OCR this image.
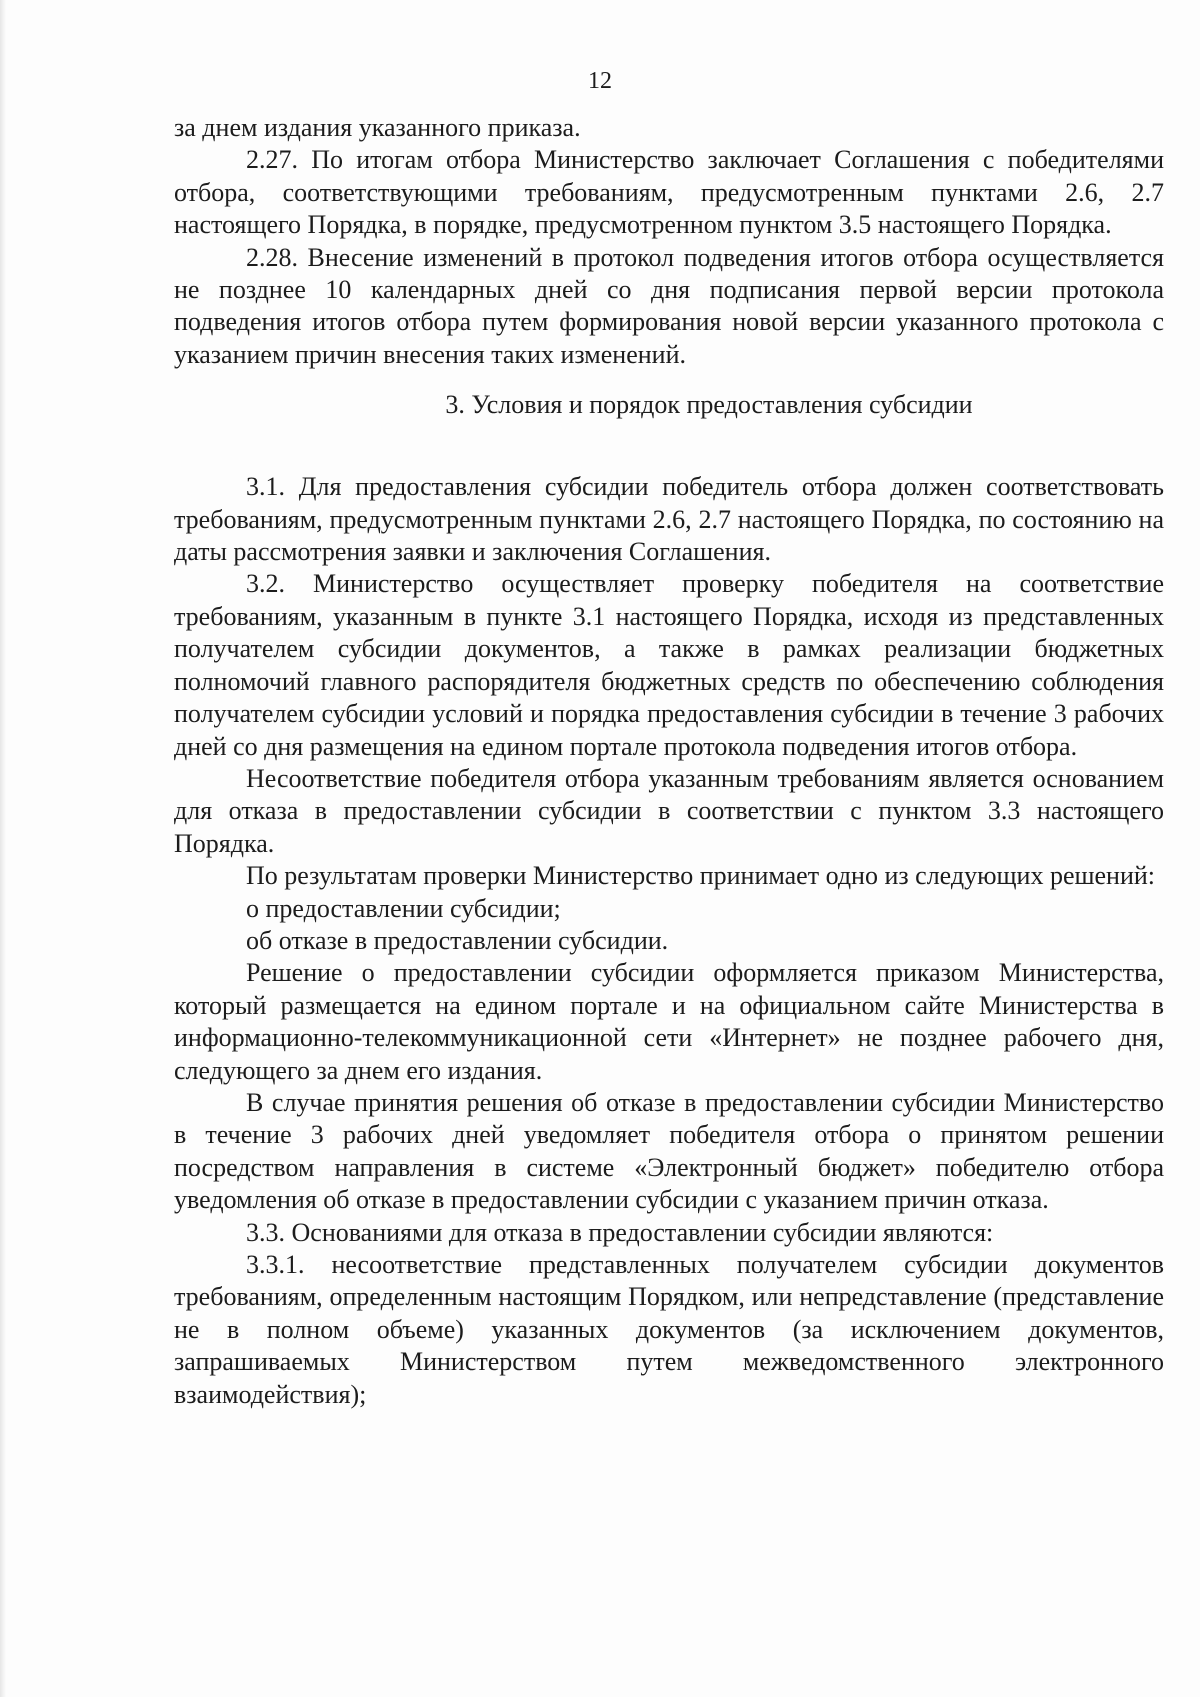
12

за днем издания указанного приказа.

2.27. По итогам отбора Министерство заключает Соглашения с победителями отбора, соответствующими требованиям, предусмотренным пунктами 2.6, 2.7 настоящего Порядка, в порядке, предусмотренном пунктом 3.5 настоящего Порядка.

2.28. Внесение изменений в протокол подведения итогов отбора осуществляется не позднее 10 календарных дней со дня подписания первой версии протокола подведения итогов отбора путем формирования новой версии указанного протокола с указанием причин внесения таких изменений.

3. Условия и порядок предоставления субсидии

3.1. Для предоставления субсидии победитель отбора должен соответствовать требованиям, предусмотренным пунктами 2.6, 2.7 настоящего Порядка, по состоянию на даты рассмотрения заявки и заключения Соглашения.

3.2. Министерство осуществляет проверку победителя на соответствие требованиям, указанным в пункте 3.1 настоящего Порядка, исходя из представленных получателем субсидии документов, а также в рамках реализации бюджетных полномочий главного распорядителя бюджетных средств по обеспечению соблюдения получателем субсидии условий и порядка предоставления субсидии в течение 3 рабочих дней со дня размещения на едином портале протокола подведения итогов отбора.

Несоответствие победителя отбора указанным требованиям является основанием для отказа в предоставлении субсидии в соответствии с пунктом 3.3 настоящего Порядка.

По результатам проверки Министерство принимает одно из следующих решений:

о предоставлении субсидии;

об отказе в предоставлении субсидии.

Решение о предоставлении субсидии оформляется приказом Министерства, который размещается на едином портале и на официальном сайте Министерства в информационно-телекоммуникационной сети «Интернет» не позднее рабочего дня, следующего за днем его издания.

В случае принятия решения об отказе в предоставлении субсидии Министерство в течение 3 рабочих дней уведомляет победителя отбора о принятом решении посредством направления в системе «Электронный бюджет» победителю отбора уведомления об отказе в предоставлении субсидии с указанием причин отказа.

3.3. Основаниями для отказа в предоставлении субсидии являются:

3.3.1. несоответствие представленных получателем субсидии документов требованиям, определенным настоящим Порядком, или непредставление (представление не в полном объеме) указанных документов (за исключением документов, запрашиваемых Министерством путем межведомственного электронного взаимодействия);
